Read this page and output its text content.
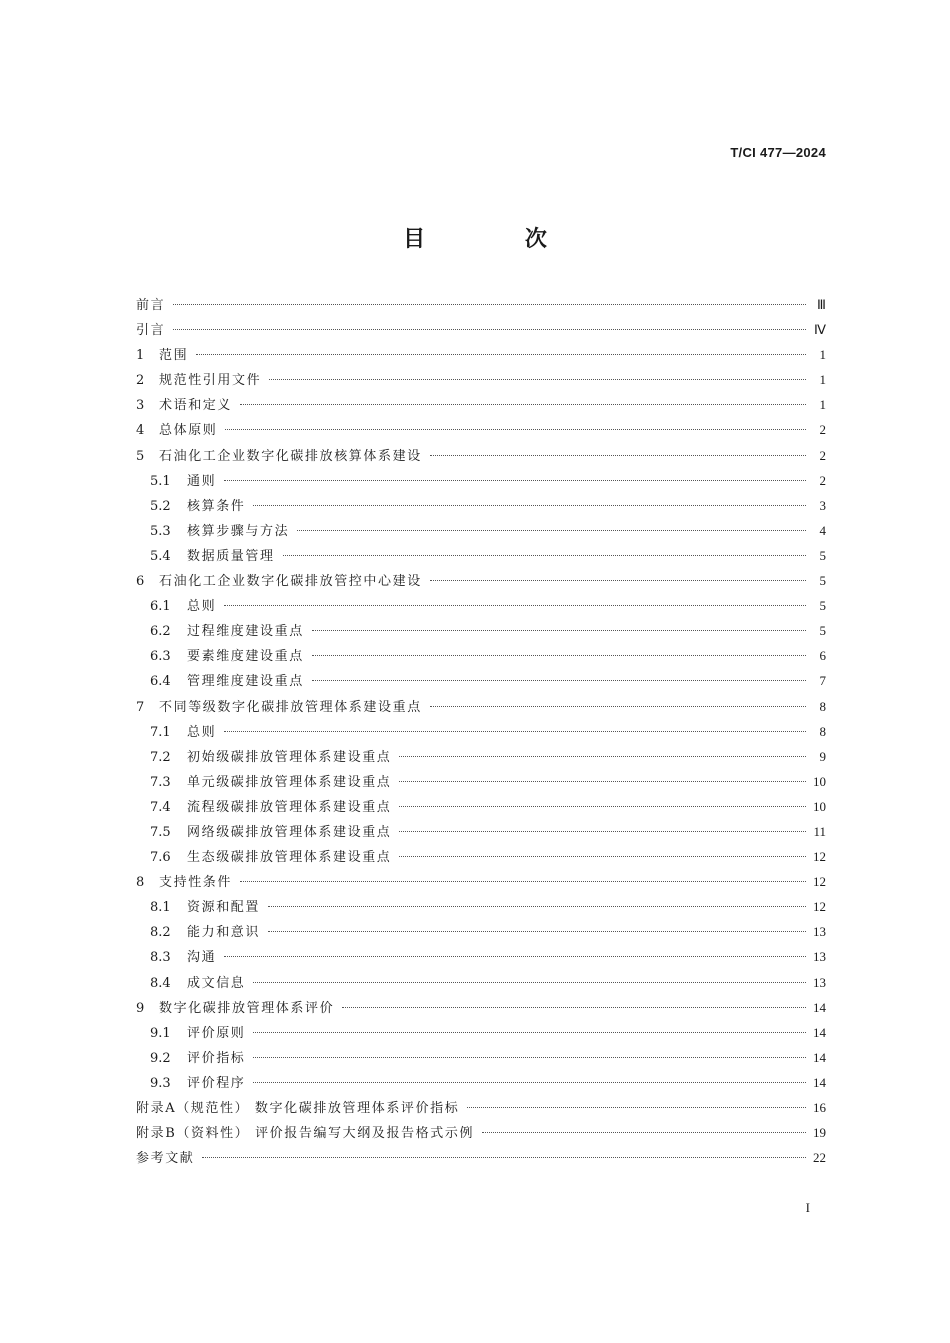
T/CI 477—2024
目 次
前言	Ⅲ
引言	Ⅳ
1	范围	1
2	规范性引用文件	1
3	术语和定义	1
4	总体原则	2
5	石油化工企业数字化碳排放核算体系建设	2
5.1	通则	2
5.2	核算条件	3
5.3	核算步骤与方法	4
5.4	数据质量管理	5
6	石油化工企业数字化碳排放管控中心建设	5
6.1	总则	5
6.2	过程维度建设重点	5
6.3	要素维度建设重点	6
6.4	管理维度建设重点	7
7	不同等级数字化碳排放管理体系建设重点	8
7.1	总则	8
7.2	初始级碳排放管理体系建设重点	9
7.3	单元级碳排放管理体系建设重点	10
7.4	流程级碳排放管理体系建设重点	10
7.5	网络级碳排放管理体系建设重点	11
7.6	生态级碳排放管理体系建设重点	12
8	支持性条件	12
8.1	资源和配置	12
8.2	能力和意识	13
8.3	沟通	13
8.4	成文信息	13
9	数字化碳排放管理体系评价	14
9.1	评价原则	14
9.2	评价指标	14
9.3	评价程序	14
附录A（规范性） 数字化碳排放管理体系评价指标	16
附录B（资料性） 评价报告编写大纲及报告格式示例	19
参考文献	22
I
